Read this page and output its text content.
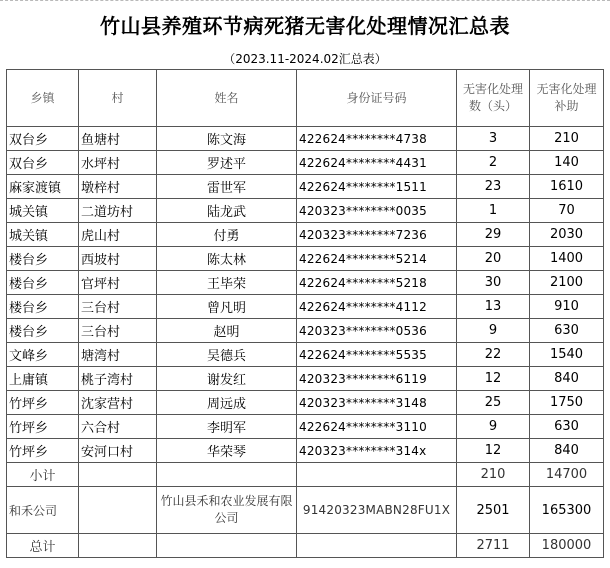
竹山县养殖环节病死猪无害化处理情况汇总表
（2023.11-2024.02汇总表）
乡镇	村	姓名	身份证号码	无害化处理数（头）	无害化处理补助
双台乡	鱼塘村	陈文海	422624********4738	3	210
双台乡	水坪村	罗述平	422624********4431	2	140
麻家渡镇	墩梓村	雷世军	422624********1511	23	1610
城关镇	二道坊村	陆龙武	420323********0035	1	70
城关镇	虎山村	付勇	420323********7236	29	2030
楼台乡	西坡村	陈太林	422624********5214	20	1400
楼台乡	官坪村	王毕荣	422624********5218	30	2100
楼台乡	三台村	曾凡明	422624********4112	13	910
楼台乡	三台村	赵明	420323********0536	9	630
文峰乡	塘湾村	吴德兵	422624********5535	22	1540
上庸镇	桃子湾村	谢发红	420323********6119	12	840
竹坪乡	沈家营村	周远成	420323********3148	25	1750
竹坪乡	六合村	李明军	422624********3110	9	630
竹坪乡	安河口村	华荣琴	420323********314x	12	840
小计				210	14700
和禾公司		竹山县禾和农业发展有限公司	91420323MABN28FU1X	2501	165300
总计				2711	180000
